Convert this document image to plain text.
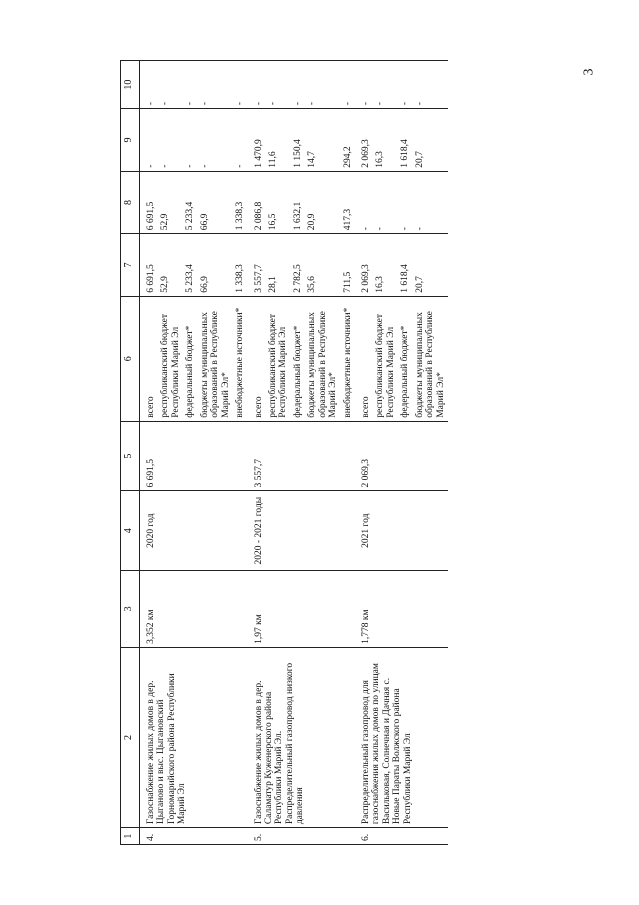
3
1	2	3	4	5	6	7	8	9	10
4.	Газоснабжение жилых домов в дер. Цыганово и выс. Цыгановский Горномарийского района Республики Марий Эл	3,352 км	2020 год	6 691,5	всего	6 691,5	6 691,5	-	-
					республиканский бюджет Республики Марий Эл	52,9	52,9	-	-
					федеральный бюджет*	5 233,4	5 233,4	-	-
					бюджеты муниципальных образований в Республике Марий Эл*	66,9	66,9	-	-
					внебюджетные источники*	1 338,3	1 338,3	-	-
5.	Газоснабжение жилых домов в дер. Саламатур Куженерского района Республики Марий Эл. Распределительный газопровод низкого давления	1,97 км	2020 - 2021 годы	3 557,7	всего	3 557,7	2 086,8	1 470,9	-
					республиканский бюджет Республики Марий Эл	28,1	16,5	11,6	-
					федеральный бюджет*	2 782,5	1 632,1	1 150,4	-
					бюджеты муниципальных образований в Республике Марий Эл*	35,6	20,9	14,7	-
					внебюджетные источники*	711,5	417,3	294,2	-
6.	Распределительный газопровод для газоснабжения жилых домов по улицам Васильковая, Солнечная и Дачная с. Новые Параты Волжского района Республики Марий Эл	1,778 км	2021 год	2 069,3	всего	2 069,3	-	2 069,3	-
					республиканский бюджет Республики Марий Эл	16,3	-	16,3	-
					федеральный бюджет*	1 618,4	-	1 618,4	-
					бюджеты муниципальных образований в Республике Марий Эл*	20,7	-	20,7	-
